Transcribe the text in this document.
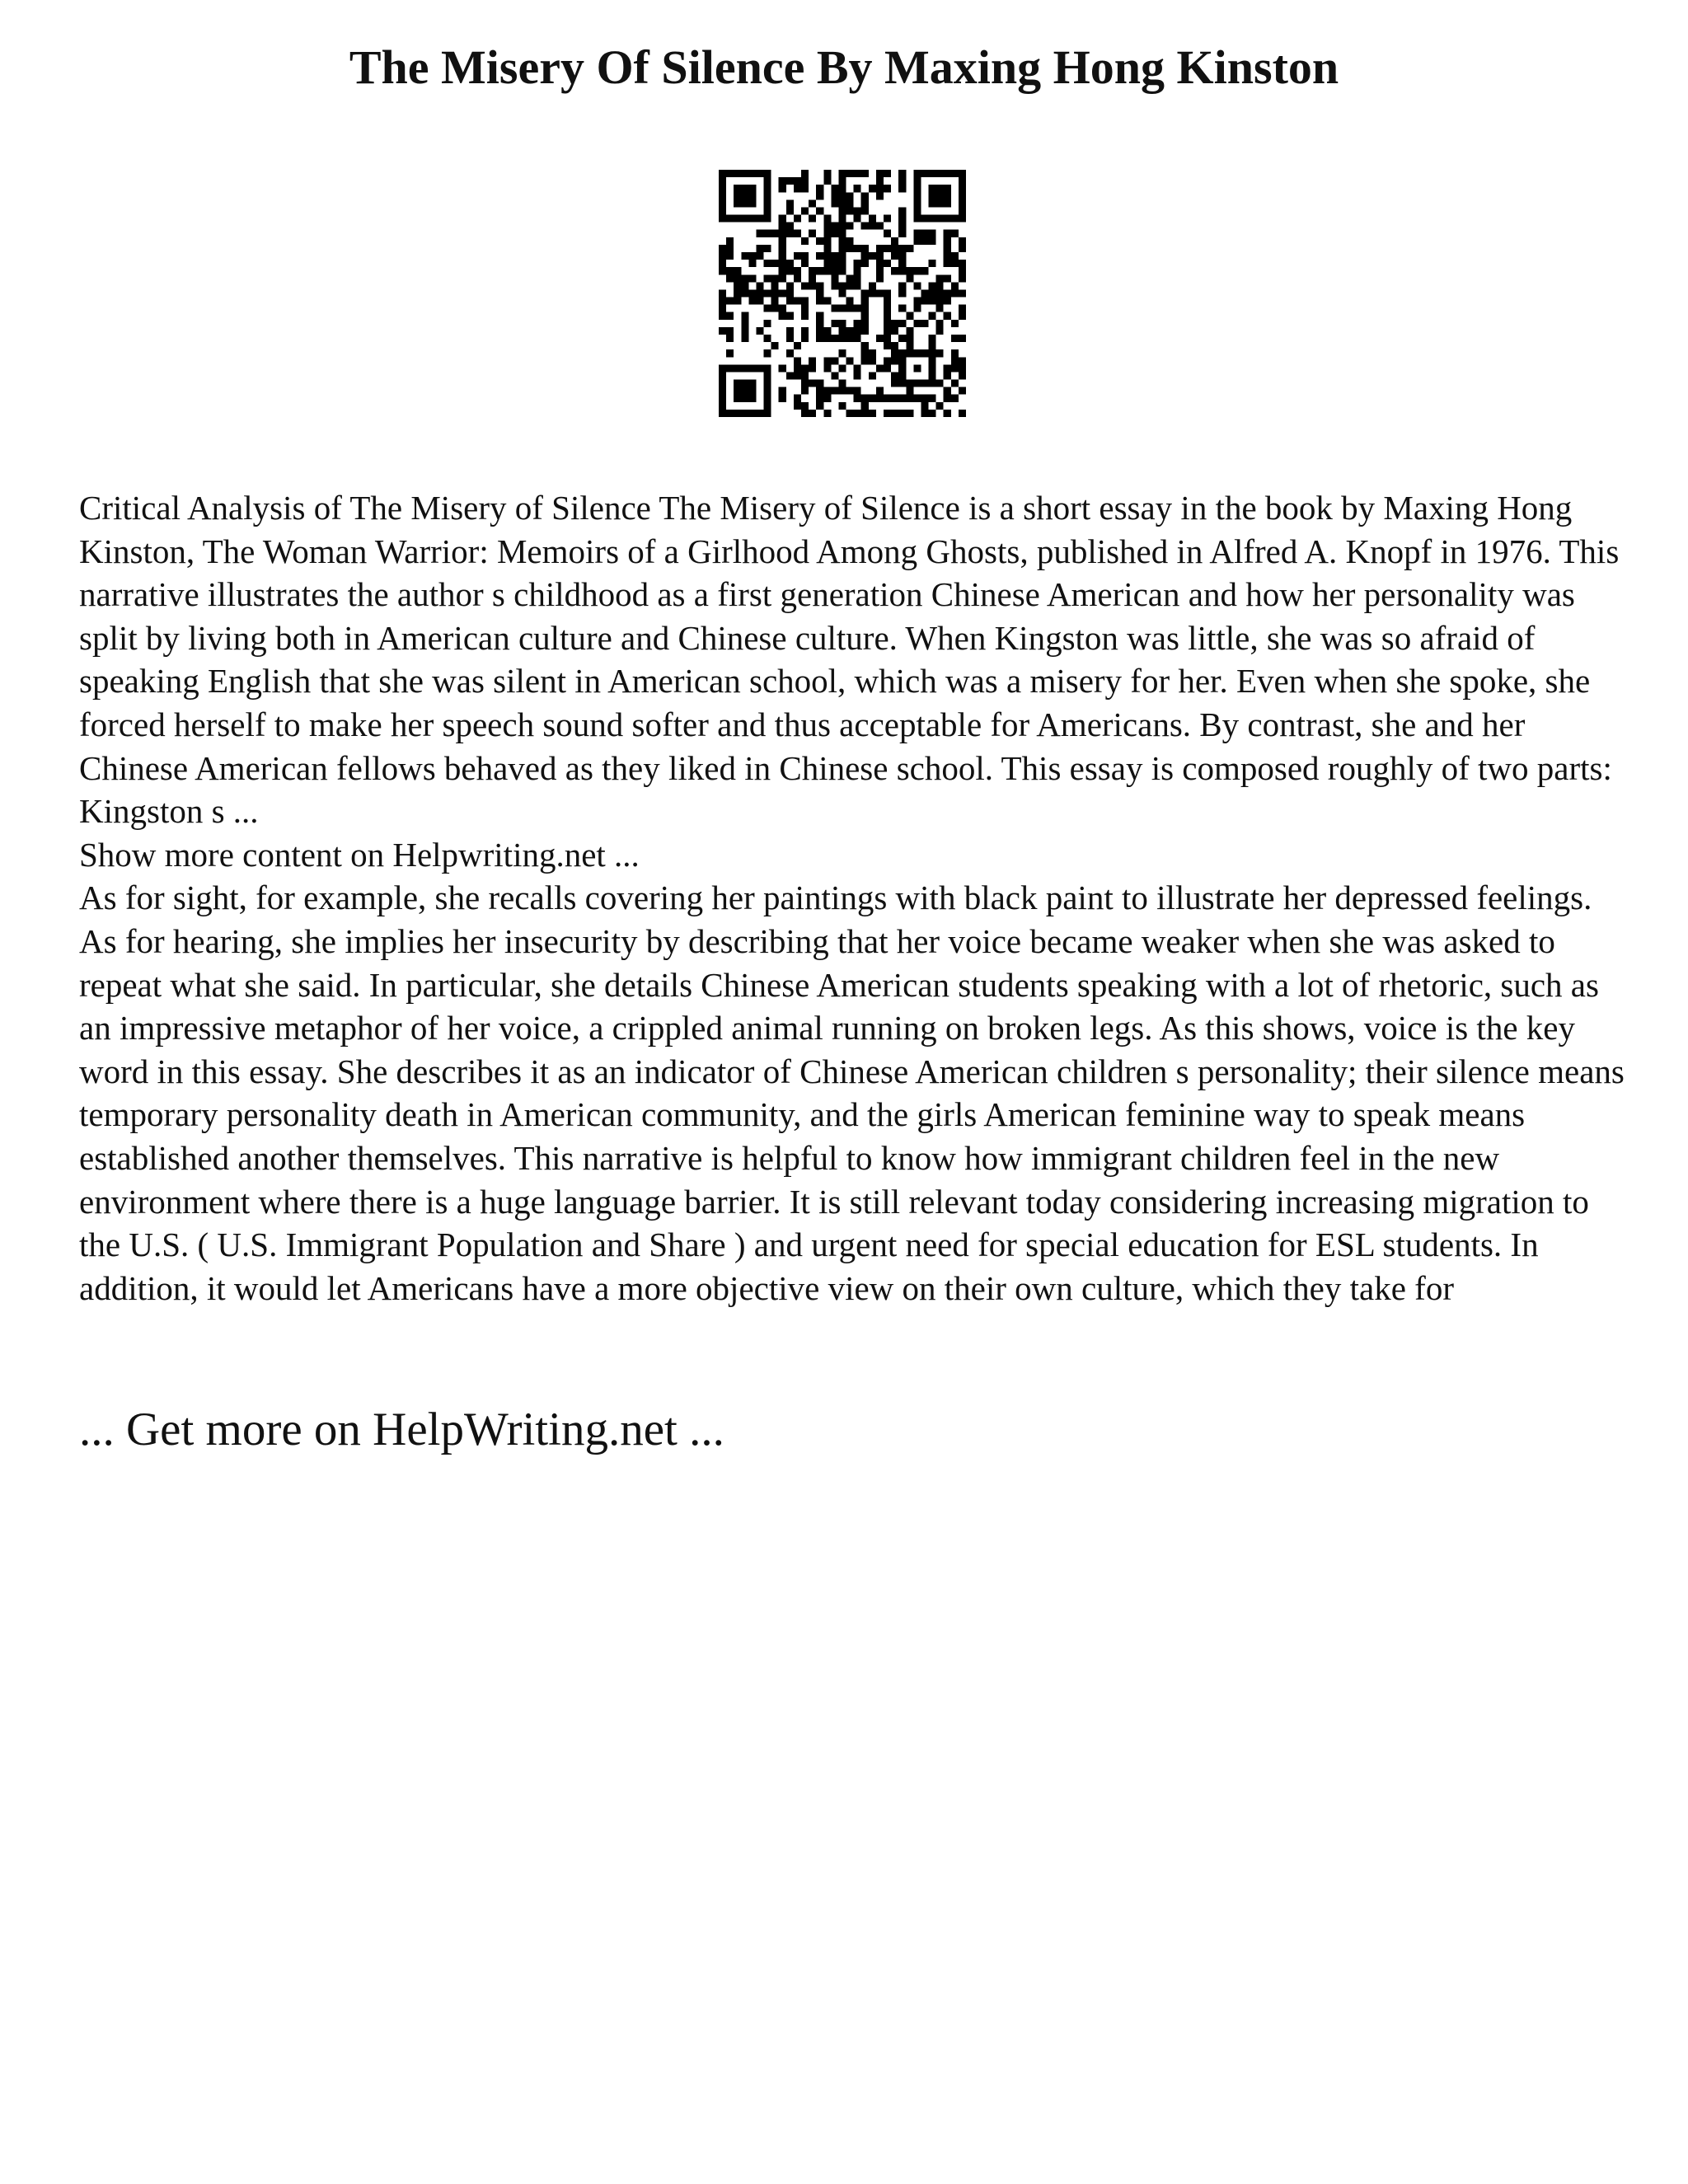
The Misery Of Silence By Maxing Hong Kinston

Critical Analysis of The Misery of Silence The Misery of Silence is a short essay in the book by Maxing Hong Kinston, The Woman Warrior: Memoirs of a Girlhood Among Ghosts, published in Alfred A. Knopf in 1976. This narrative illustrates the author s childhood as a first generation Chinese American and how her personality was split by living both in American culture and Chinese culture. When Kingston was little, she was so afraid of speaking English that she was silent in American school, which was a misery for her. Even when she spoke, she forced herself to make her speech sound softer and thus acceptable for Americans. By contrast, she and her Chinese American fellows behaved as they liked in Chinese school. This essay is composed roughly of two parts: Kingston s ...

Show more content on Helpwriting.net ...

As for sight, for example, she recalls covering her paintings with black paint to illustrate her depressed feelings. As for hearing, she implies her insecurity by describing that her voice became weaker when she was asked to repeat what she said. In particular, she details Chinese American students speaking with a lot of rhetoric, such as an impressive metaphor of her voice, a crippled animal running on broken legs. As this shows, voice is the key word in this essay. She describes it as an indicator of Chinese American children s personality; their silence means temporary personality death in American community, and the girls American feminine way to speak means established another themselves. This narrative is helpful to know how immigrant children feel in the new environment where there is a huge language barrier. It is still relevant today considering increasing migration to the U.S. ( U.S. Immigrant Population and Share ) and urgent need for special education for ESL students. In addition, it would let Americans have a more objective view on their own culture, which they take for

... Get more on HelpWriting.net ...
